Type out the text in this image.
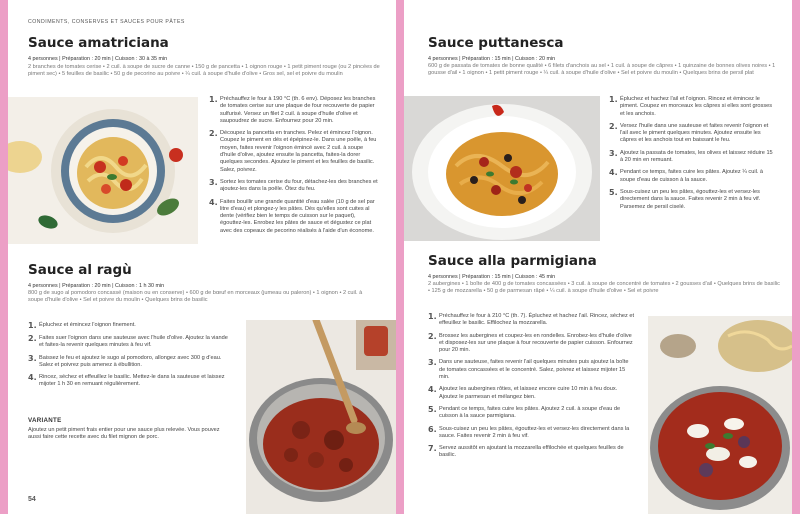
CONDIMENTS, CONSERVES ET SAUCES POUR PÂTES
Sauce amatriciana
4 personnes | Préparation : 20 min | Cuisson : 30 à 35 min
2 branches de tomates cerise • 2 cuil. à soupe de sucre de canne • 150 g de pancetta • 1 oignon rouge • 1 petit piment rouge (ou 2 pincées de piment sec) • 5 feuilles de basilic • 50 g de pecorino au poivre • ¼ cuil. à soupe d'huile d'olive • Gros sel, sel et poivre du moulin
1. Préchauffez le four à 190 °C (th. 6 env). Déposez les branches de tomates cerise sur une plaque de four recouverte de papier sulfurisé. Versez un filet 2 cuil. à soupe d'huile d'olive et saupoudrez de sucre. Enfournez pour 20 min.
2. Découpez la pancetta en tranches. Pelez et émincez l'oignon. Coupez le piment en dés et épépinez-le. Dans une poêle, à feu moyen, faites revenir l'oignon émincé avec 2 cuil. à soupe d'huile d'olive, ajoutez ensuite la pancetta, faites-la dorer quelques secondes. Ajoutez le piment et les feuilles de basilic. Salez, poivrez.
3. Sortez les tomates cerise du four, détachez-les des branches et ajoutez-les dans la poêle. Ôtez du feu.
4. Faites bouillir une grande quantité d'eau salée (10 g de sel par litre d'eau) et plongez-y les pâtes. Dès qu'elles sont cuites al dente (vérifiez bien le temps de cuisson sur le paquet), égouttez-les. Enrobez les pâtes de sauce et dégustez ce plat avec des copeaux de pecorino réalisés à l'aide d'un économe.
Sauce al ragù
4 personnes | Préparation : 20 min | Cuisson : 1 h 30 min
800 g de sugo al pomodoro concassé (maison ou en conserve) • 600 g de bœuf en morceaux (jumeau ou paleron) • 1 oignon • 2 cuil. à soupe d'huile d'olive • Sel et poivre du moulin • Quelques brins de basilic
1. Épluchez et émincez l'oignon finement.
2. Faites suer l'oignon dans une sauteuse avec l'huile d'olive. Ajoutez la viande et faites-la revenir quelques minutes à feu vif.
3. Baissez le feu et ajoutez le sugo al pomodoro, allongez avec 300 g d'eau. Salez et poivrez puis amenez à ébullition.
4. Rincez, séchez et effeuillez le basilic. Mettez-le dans la sauteuse et laissez mijoter 1 h 30 en remuant régulièrement.
VARIANTE
Ajoutez un petit piment frais entier pour une sauce plus relevée. Vous pouvez aussi faire cette recette avec du filet mignon de porc.
54
Sauce puttanesca
4 personnes | Préparation : 15 min | Cuisson : 20 min
600 g de passata de tomates de bonne qualité • 6 filets d'anchois au sel • 1 cuil. à soupe de câpres • 1 quinzaine de bonnes olives noires • 1 gousse d'ail • 1 oignon • 1 petit piment rouge • ¼ cuil. à soupe d'huile d'olive • Sel et poivre du moulin • Quelques brins de persil plat
1. Épluchez et hachez l'ail et l'oignon. Rincez et émincez le piment. Coupez en morceaux les câpres si elles sont grosses et les anchois.
2. Versez l'huile dans une sauteuse et faites revenir l'oignon et l'ail avec le piment quelques minutes. Ajoutez ensuite les câpres et les anchois tout en baissant le feu.
3. Ajoutez la passata de tomates, les olives et laissez réduire 15 à 20 min en remuant.
4. Pendant ce temps, faites cuire les pâtes. Ajoutez ¼ cuil. à soupe d'eau de cuisson à la sauce.
5. Sous-cuisez un peu les pâtes, égouttez-les et versez-les directement dans la sauce. Faites revenir 2 min à feu vif. Parsemez de persil ciselé.
Sauce alla parmigiana
4 personnes | Préparation : 15 min | Cuisson : 45 min
2 aubergines • 1 boîte de 400 g de tomates concassées • 3 cuil. à soupe de concentré de tomates • 2 gousses d'ail • Quelques brins de basilic • 125 g de mozzarella • 50 g de parmesan râpé • ¼ cuil. à soupe d'huile d'olive • Sel et poivre
1. Préchauffez le four à 210 °C (th. 7). Épluchez et hachez l'ail. Rincez, séchez et effeuillez le basilic. Effilochez la mozzarella.
2. Brossez les aubergines et coupez-les en rondelles. Enrobez-les d'huile d'olive et disposez-les sur une plaque à four recouverte de papier cuisson. Enfournez pour 20 min.
3. Dans une sauteuse, faites revenir l'ail quelques minutes puis ajoutez la boîte de tomates concassées et le concentré. Salez, poivrez et laissez mijoter 15 min.
4. Ajoutez les aubergines rôties, et laissez encore cuire 10 min à feu doux. Ajoutez le parmesan et mélangez bien.
5. Pendant ce temps, faites cuire les pâtes. Ajoutez 2 cuil. à soupe d'eau de cuisson à la sauce parmigiana.
6. Sous-cuisez un peu les pâtes, égouttez-les et versez-les directement dans la sauce. Faites revenir 2 min à feu vif.
7. Servez aussitôt en ajoutant la mozzarella effilochée et quelques feuilles de basilic.
